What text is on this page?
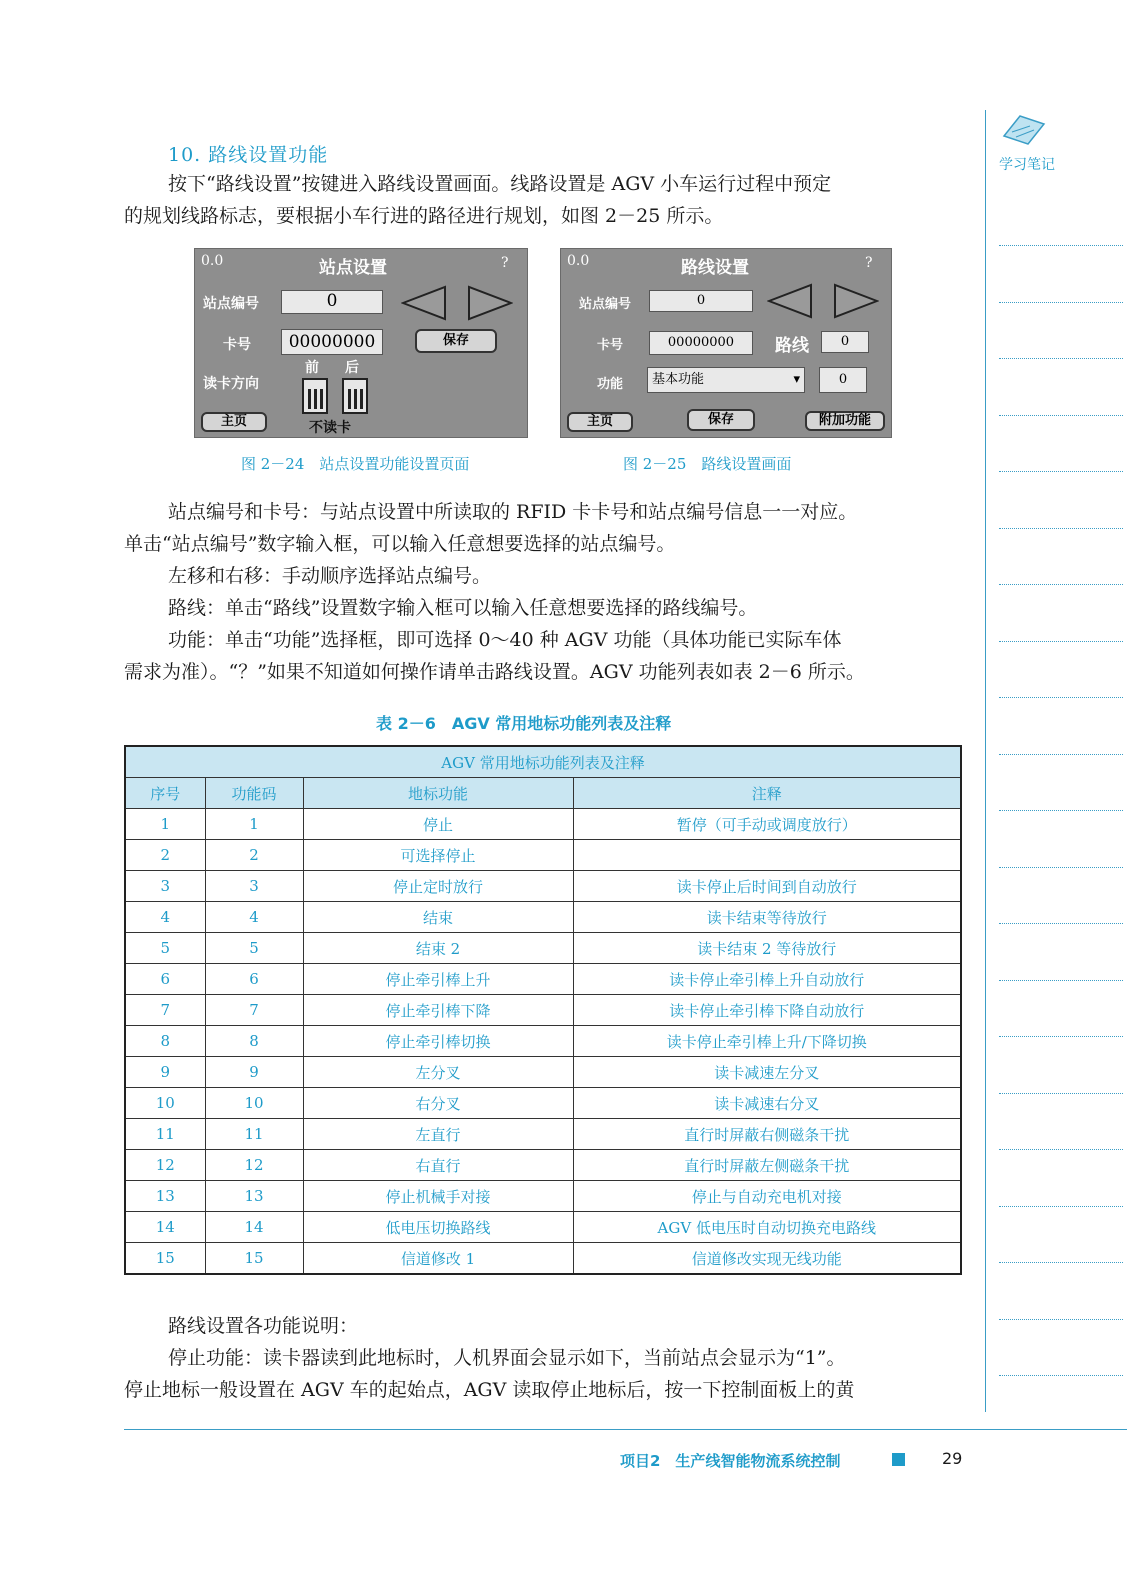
10. 路线设置功能

按下“路线设置”按键进入路线设置画面。线路设置是 AGV 小车运行过程中预定
的规划线路标志，要根据小车行进的路径进行规划，如图 2－25 所示。

0.0	站点设置	?
站点编号	0
卡号	00000000	保存
读卡方向
前 后
不读卡
主页
0.0	路线设置	?
站点编号	0
卡号	00000000	路线	0
功能	基本功能	▾	0
主页	保存	附加功能
图 2－24　站点设置功能设置页面	图 2－25　路线设置画面

站点编号和卡号：与站点设置中所读取的 RFID 卡卡号和站点编号信息一一对应。
单击“站点编号”数字输入框，可以输入任意想要选择的站点编号。

左移和右移：手动顺序选择站点编号。

路线：单击“路线”设置数字输入框可以输入任意想要选择的路线编号。

功能：单击“功能”选择框，即可选择 0～40 种 AGV 功能（具体功能已实际车体
需求为准）。“？”如果不知道如何操作请单击路线设置。AGV 功能列表如表 2－6 所示。

表 2－6　AGV 常用地标功能列表及注释
AGV 常用地标功能列表及注释			
序号	功能码	地标功能	注释
1	1	停止	暂停（可手动或调度放行）
2	2	可选择停止	
3	3	停止定时放行	读卡停止后时间到自动放行
4	4	结束	读卡结束等待放行
5	5	结束 2	读卡结束 2 等待放行
6	6	停止牵引棒上升	读卡停止牵引棒上升自动放行
7	7	停止牵引棒下降	读卡停止牵引棒下降自动放行
8	8	停止牵引棒切换	读卡停止牵引棒上升/下降切换
9	9	左分叉	读卡减速左分叉
10	10	右分叉	读卡减速右分叉
11	11	左直行	直行时屏蔽右侧磁条干扰
12	12	右直行	直行时屏蔽左侧磁条干扰
13	13	停止机械手对接	停止与自动充电机对接
14	14	低电压切换路线	AGV 低电压时自动切换充电路线
15	15	信道修改 1	信道修改实现无线功能

路线设置各功能说明：

停止功能：读卡器读到此地标时，人机界面会显示如下，当前站点会显示为“1”。
停止地标一般设置在 AGV 车的起始点，AGV 读取停止地标后，按一下控制面板上的黄

学习笔记
项目2　生产线智能物流系统控制	29
